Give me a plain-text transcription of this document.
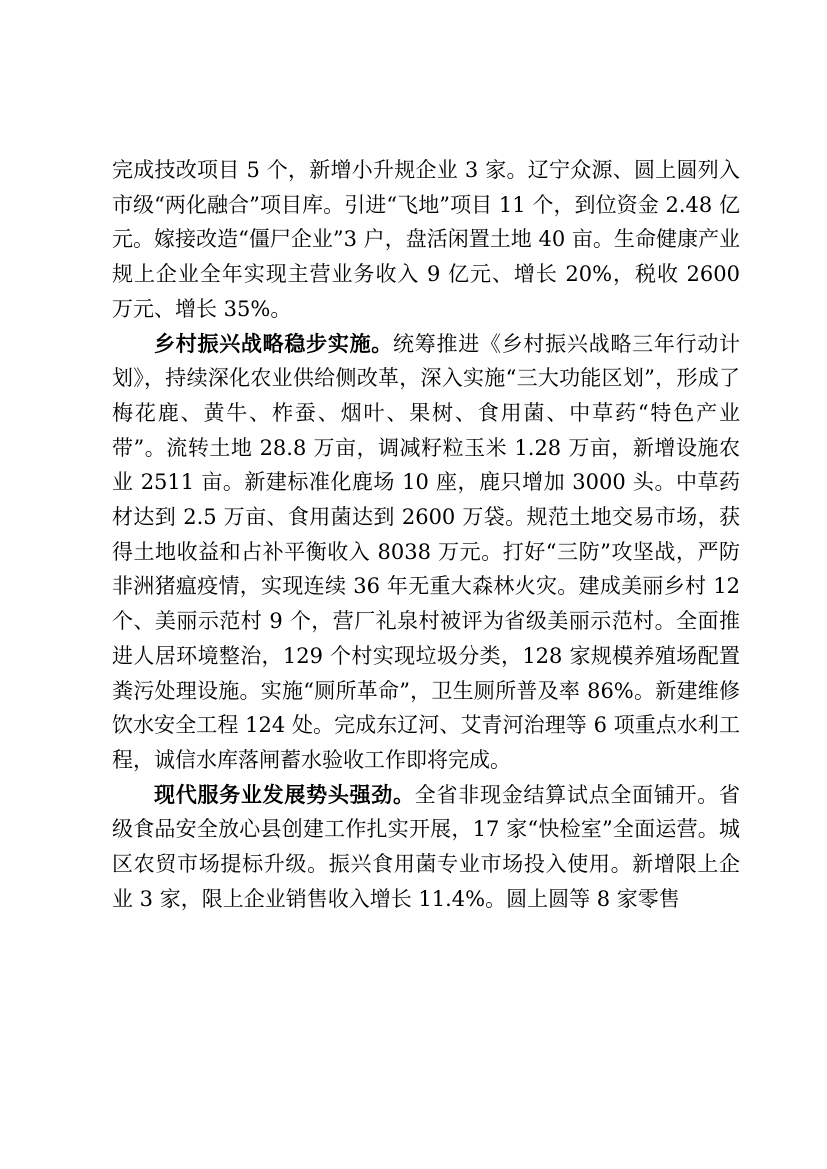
完成技改项目 5 个，新增小升规企业 3 家。辽宁众源、圆上圆列入市级“两化融合”项目库。引进“飞地”项目 11 个，到位资金 2.48 亿元。嫁接改造“僵尸企业”3 户，盘活闲置土地 40 亩。生命健康产业规上企业全年实现主营业务收入 9 亿元、增长 20%，税收 2600 万元、增长 35%。

乡村振兴战略稳步实施。统筹推进《乡村振兴战略三年行动计划》，持续深化农业供给侧改革，深入实施“三大功能区划”，形成了梅花鹿、黄牛、柞蚕、烟叶、果树、食用菌、中草药“特色产业带”。流转土地 28.8 万亩，调减籽粒玉米 1.28 万亩，新增设施农业 2511 亩。新建标准化鹿场 10 座，鹿只增加 3000 头。中草药材达到 2.5 万亩、食用菌达到 2600 万袋。规范土地交易市场，获得土地收益和占补平衡收入 8038 万元。打好“三防”攻坚战，严防非洲猪瘟疫情，实现连续 36 年无重大森林火灾。建成美丽乡村 12 个、美丽示范村 9 个，营厂礼泉村被评为省级美丽示范村。全面推进人居环境整治，129 个村实现垃圾分类，128 家规模养殖场配置粪污处理设施。实施“厕所革命”，卫生厕所普及率 86%。新建维修饮水安全工程 124 处。完成东辽河、艾青河治理等 6 项重点水利工程，诚信水库落闸蓄水验收工作即将完成。

现代服务业发展势头强劲。全省非现金结算试点全面铺开。省级食品安全放心县创建工作扎实开展，17 家“快检室”全面运营。城区农贸市场提标升级。振兴食用菌专业市场投入使用。新增限上企业 3 家，限上企业销售收入增长 11.4%。圆上圆等 8 家零售
